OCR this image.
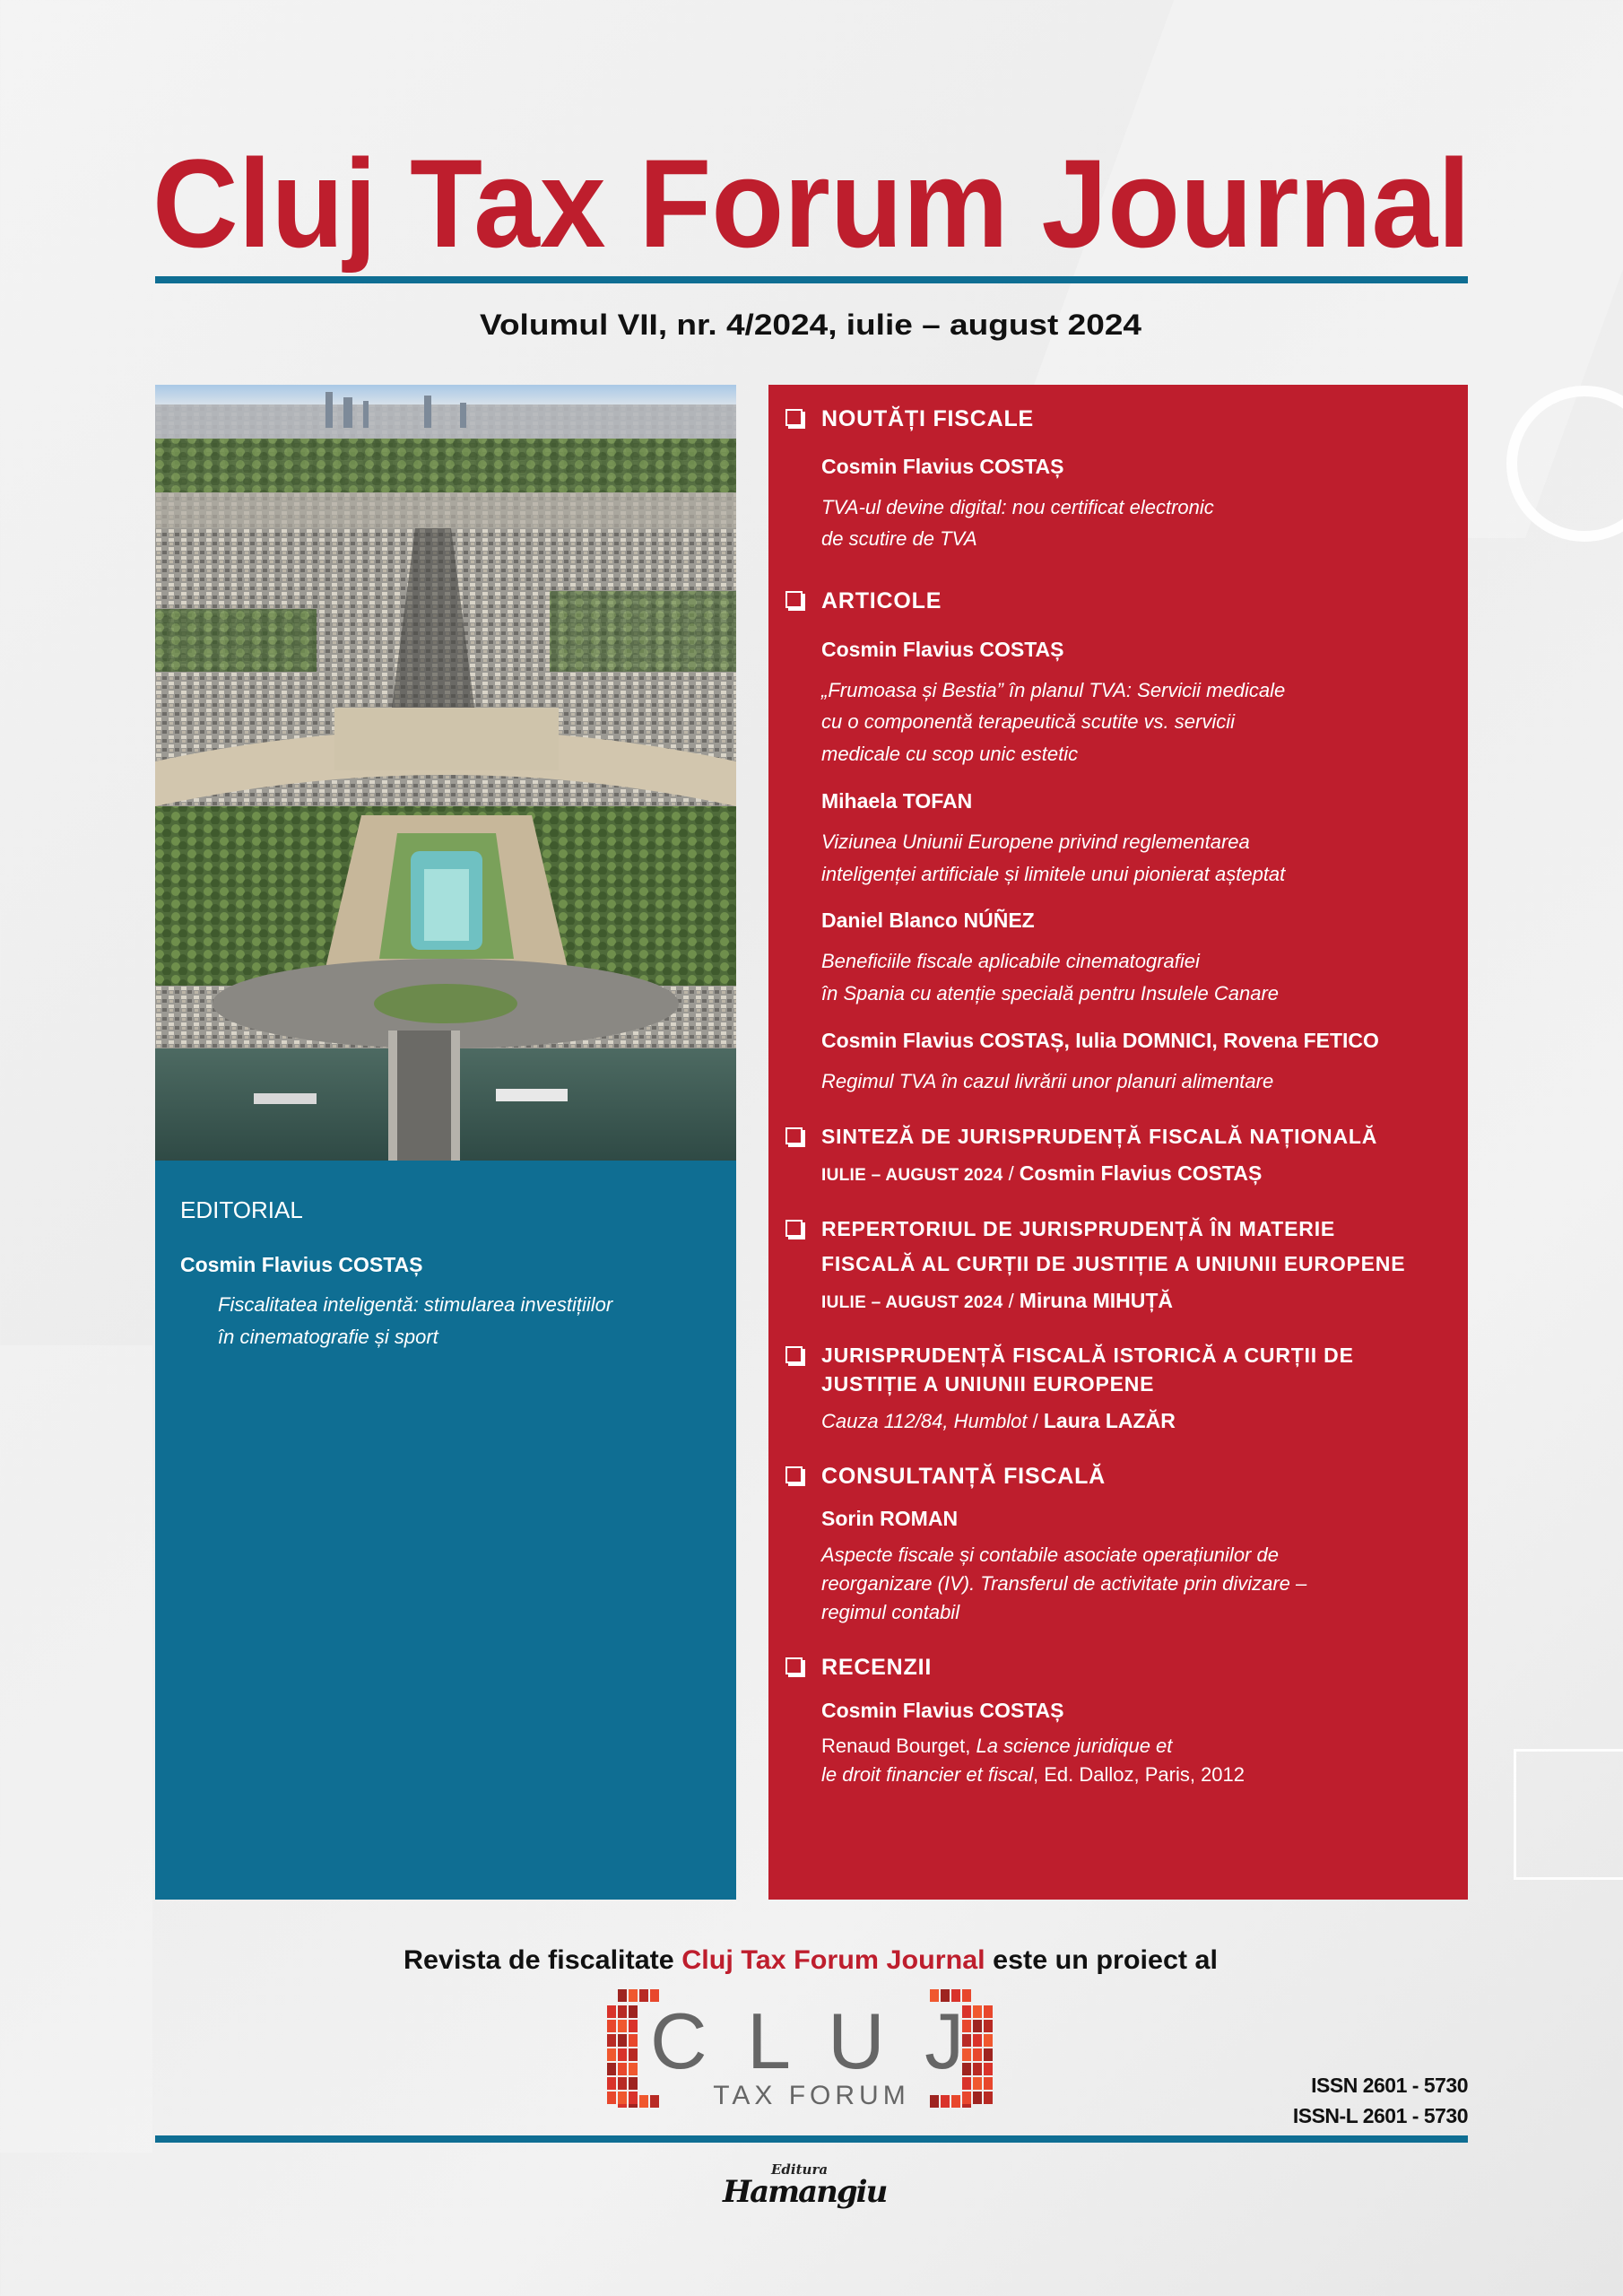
Cluj Tax Forum Journal
Volumul VII, nr. 4/2024, iulie – august 2024
EDITORIAL
Cosmin Flavius COSTAȘ
Fiscalitatea inteligentă: stimularea investițiilor
în cinematografie și sport
NOUTĂȚI FISCALE
Cosmin Flavius COSTAȘ
TVA-ul devine digital: nou certificat electronic
de scutire de TVA
ARTICOLE
Cosmin Flavius COSTAȘ
„Frumoasa și Bestia” în planul TVA: Servicii medicale
cu o componentă terapeutică scutite vs. servicii
medicale cu scop unic estetic
Mihaela TOFAN
Viziunea Uniunii Europene privind reglementarea
inteligenței artificiale și limitele unui pionierat așteptat
Daniel Blanco NÚÑEZ
Beneficiile fiscale aplicabile cinematografiei
în Spania cu atenție specială pentru Insulele Canare
Cosmin Flavius COSTAȘ, Iulia DOMNICI, Rovena FETICO
Regimul TVA în cazul livrării unor planuri alimentare
SINTEZĂ DE JURISPRUDENȚĂ FISCALĂ NAȚIONALĂ
IULIE – AUGUST 2024 / Cosmin Flavius COSTAȘ
REPERTORIUL DE JURISPRUDENȚĂ ÎN MATERIE
FISCALĂ AL CURȚII DE JUSTIȚIE A UNIUNII EUROPENE
IULIE – AUGUST 2024 / Miruna MIHUȚĂ
JURISPRUDENȚĂ FISCALĂ ISTORICĂ A CURȚII DE
JUSTIȚIE A UNIUNII EUROPENE
Cauza 112/84, Humblot / Laura LAZĂR
CONSULTANȚĂ FISCALĂ
Sorin ROMAN
Aspecte fiscale și contabile asociate operațiunilor de
reorganizare (IV). Transferul de activitate prin divizare –
regimul contabil
RECENZII
Cosmin Flavius COSTAȘ
Renaud Bourget, La science juridique et
le droit financier et fiscal, Ed. Dalloz, Paris, 2012
Revista de fiscalitate Cluj Tax Forum Journal este un proiect al
C L U J
TAX FORUM	ISSN 2601 - 5730
ISSN-L 2601 - 5730
Editura
Hamangiu
